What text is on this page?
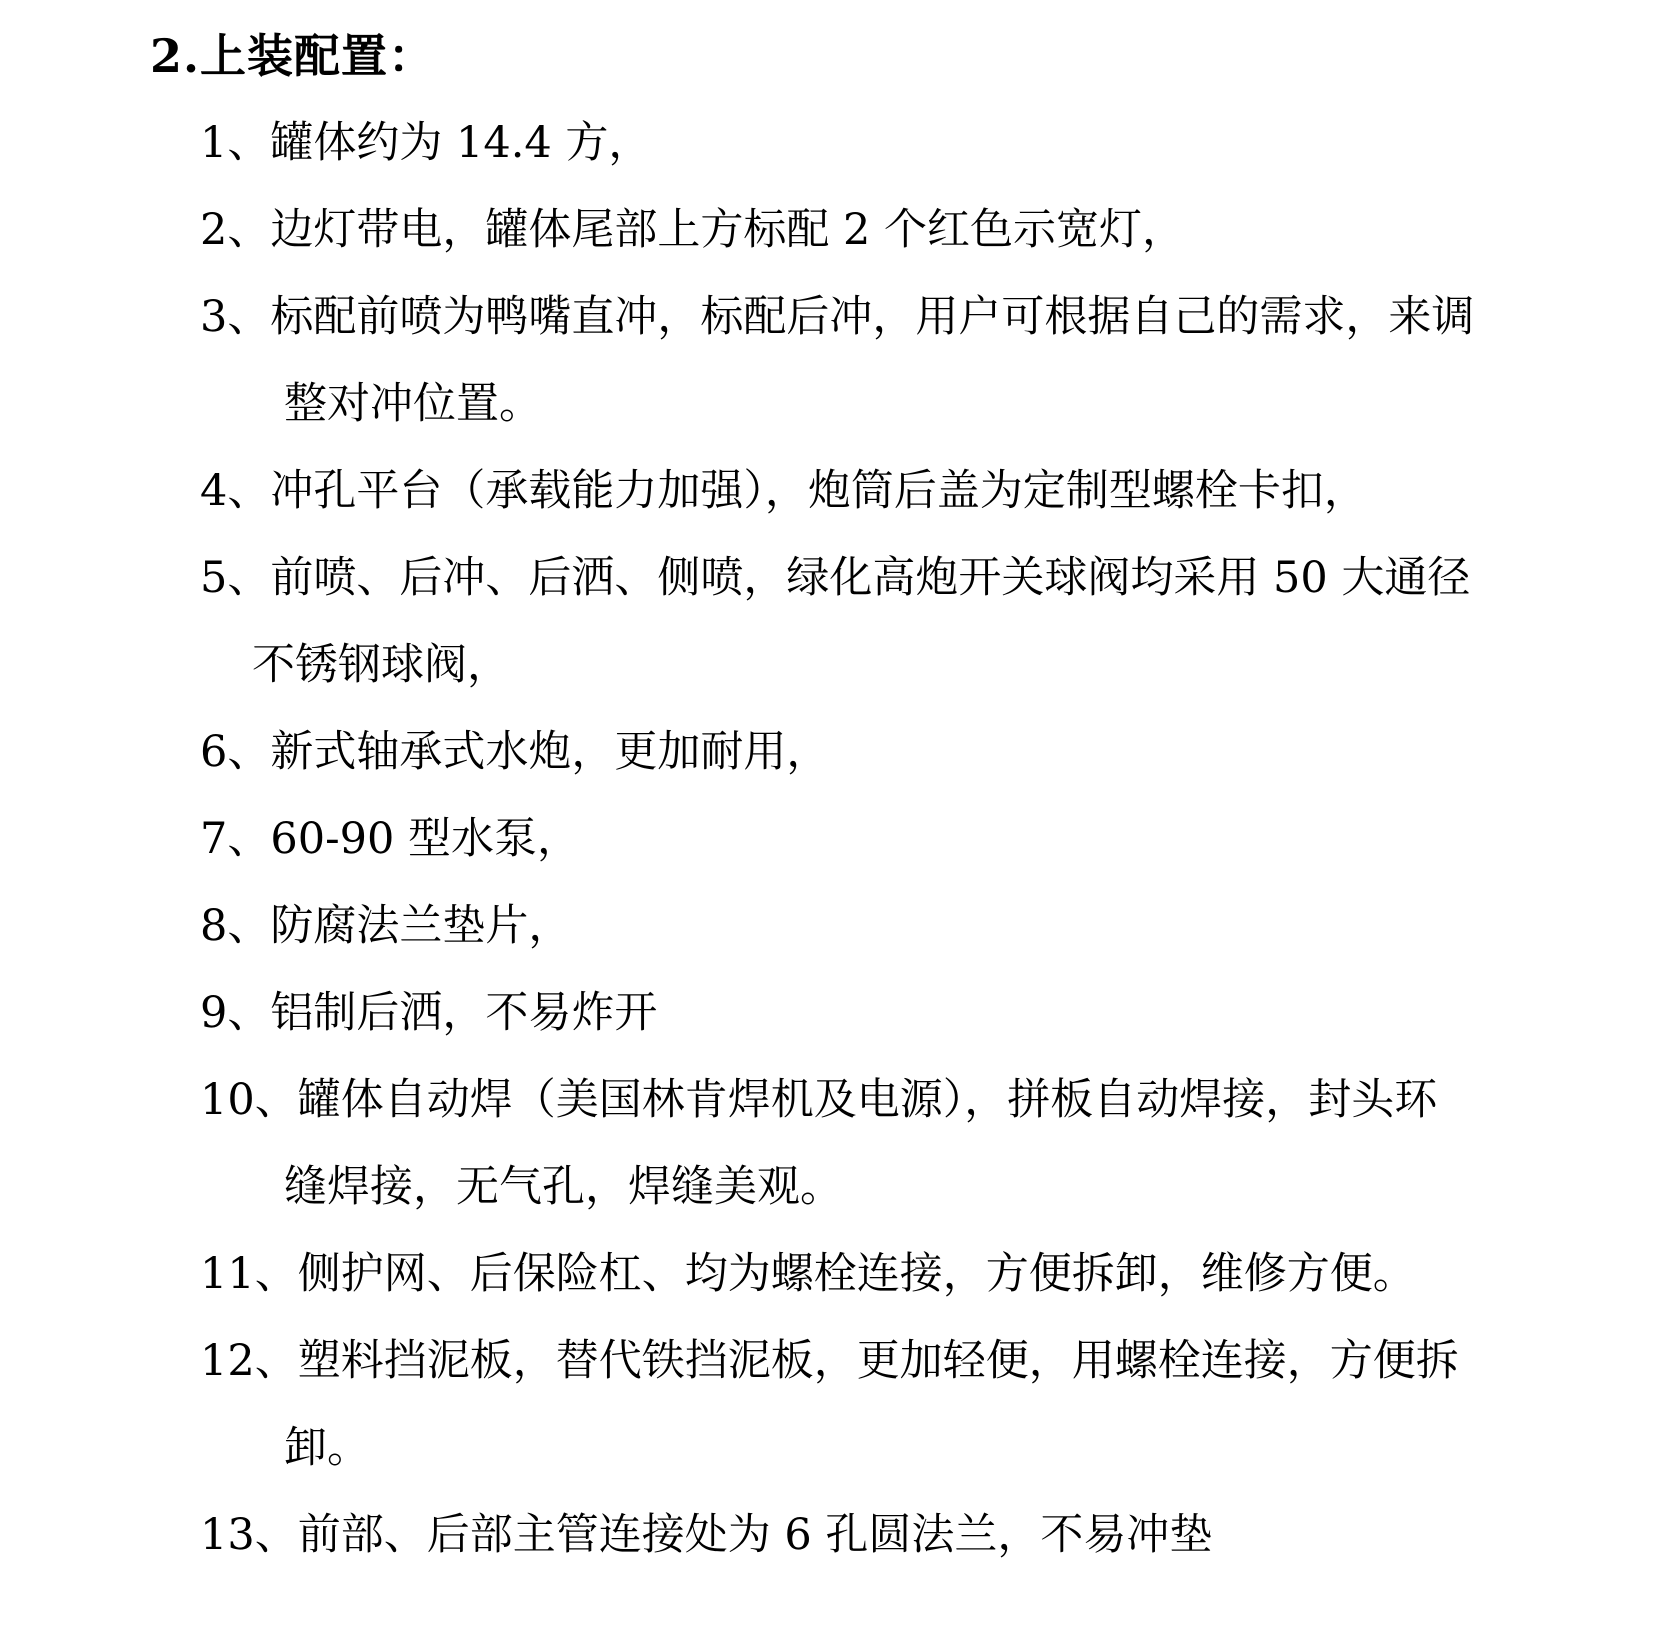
2.上装配置：
1、罐体约为 14.4 方，
2、边灯带电，罐体尾部上方标配 2 个红色示宽灯，
3、标配前喷为鸭嘴直冲，标配后冲，用户可根据自己的需求，来调
整对冲位置。
4、冲孔平台（承载能力加强），炮筒后盖为定制型螺栓卡扣，
5、前喷、后冲、后洒、侧喷，绿化高炮开关球阀均采用 50 大通径
不锈钢球阀，
6、新式轴承式水炮，更加耐用，
7、60-90 型水泵，
8、防腐法兰垫片，
9、铝制后洒，不易炸开
10、罐体自动焊（美国林肯焊机及电源），拼板自动焊接，封头环
缝焊接，无气孔，焊缝美观。
11、侧护网、后保险杠、均为螺栓连接，方便拆卸，维修方便。
12、塑料挡泥板，替代铁挡泥板，更加轻便，用螺栓连接，方便拆
卸。
13、前部、后部主管连接处为 6 孔圆法兰，不易冲垫
